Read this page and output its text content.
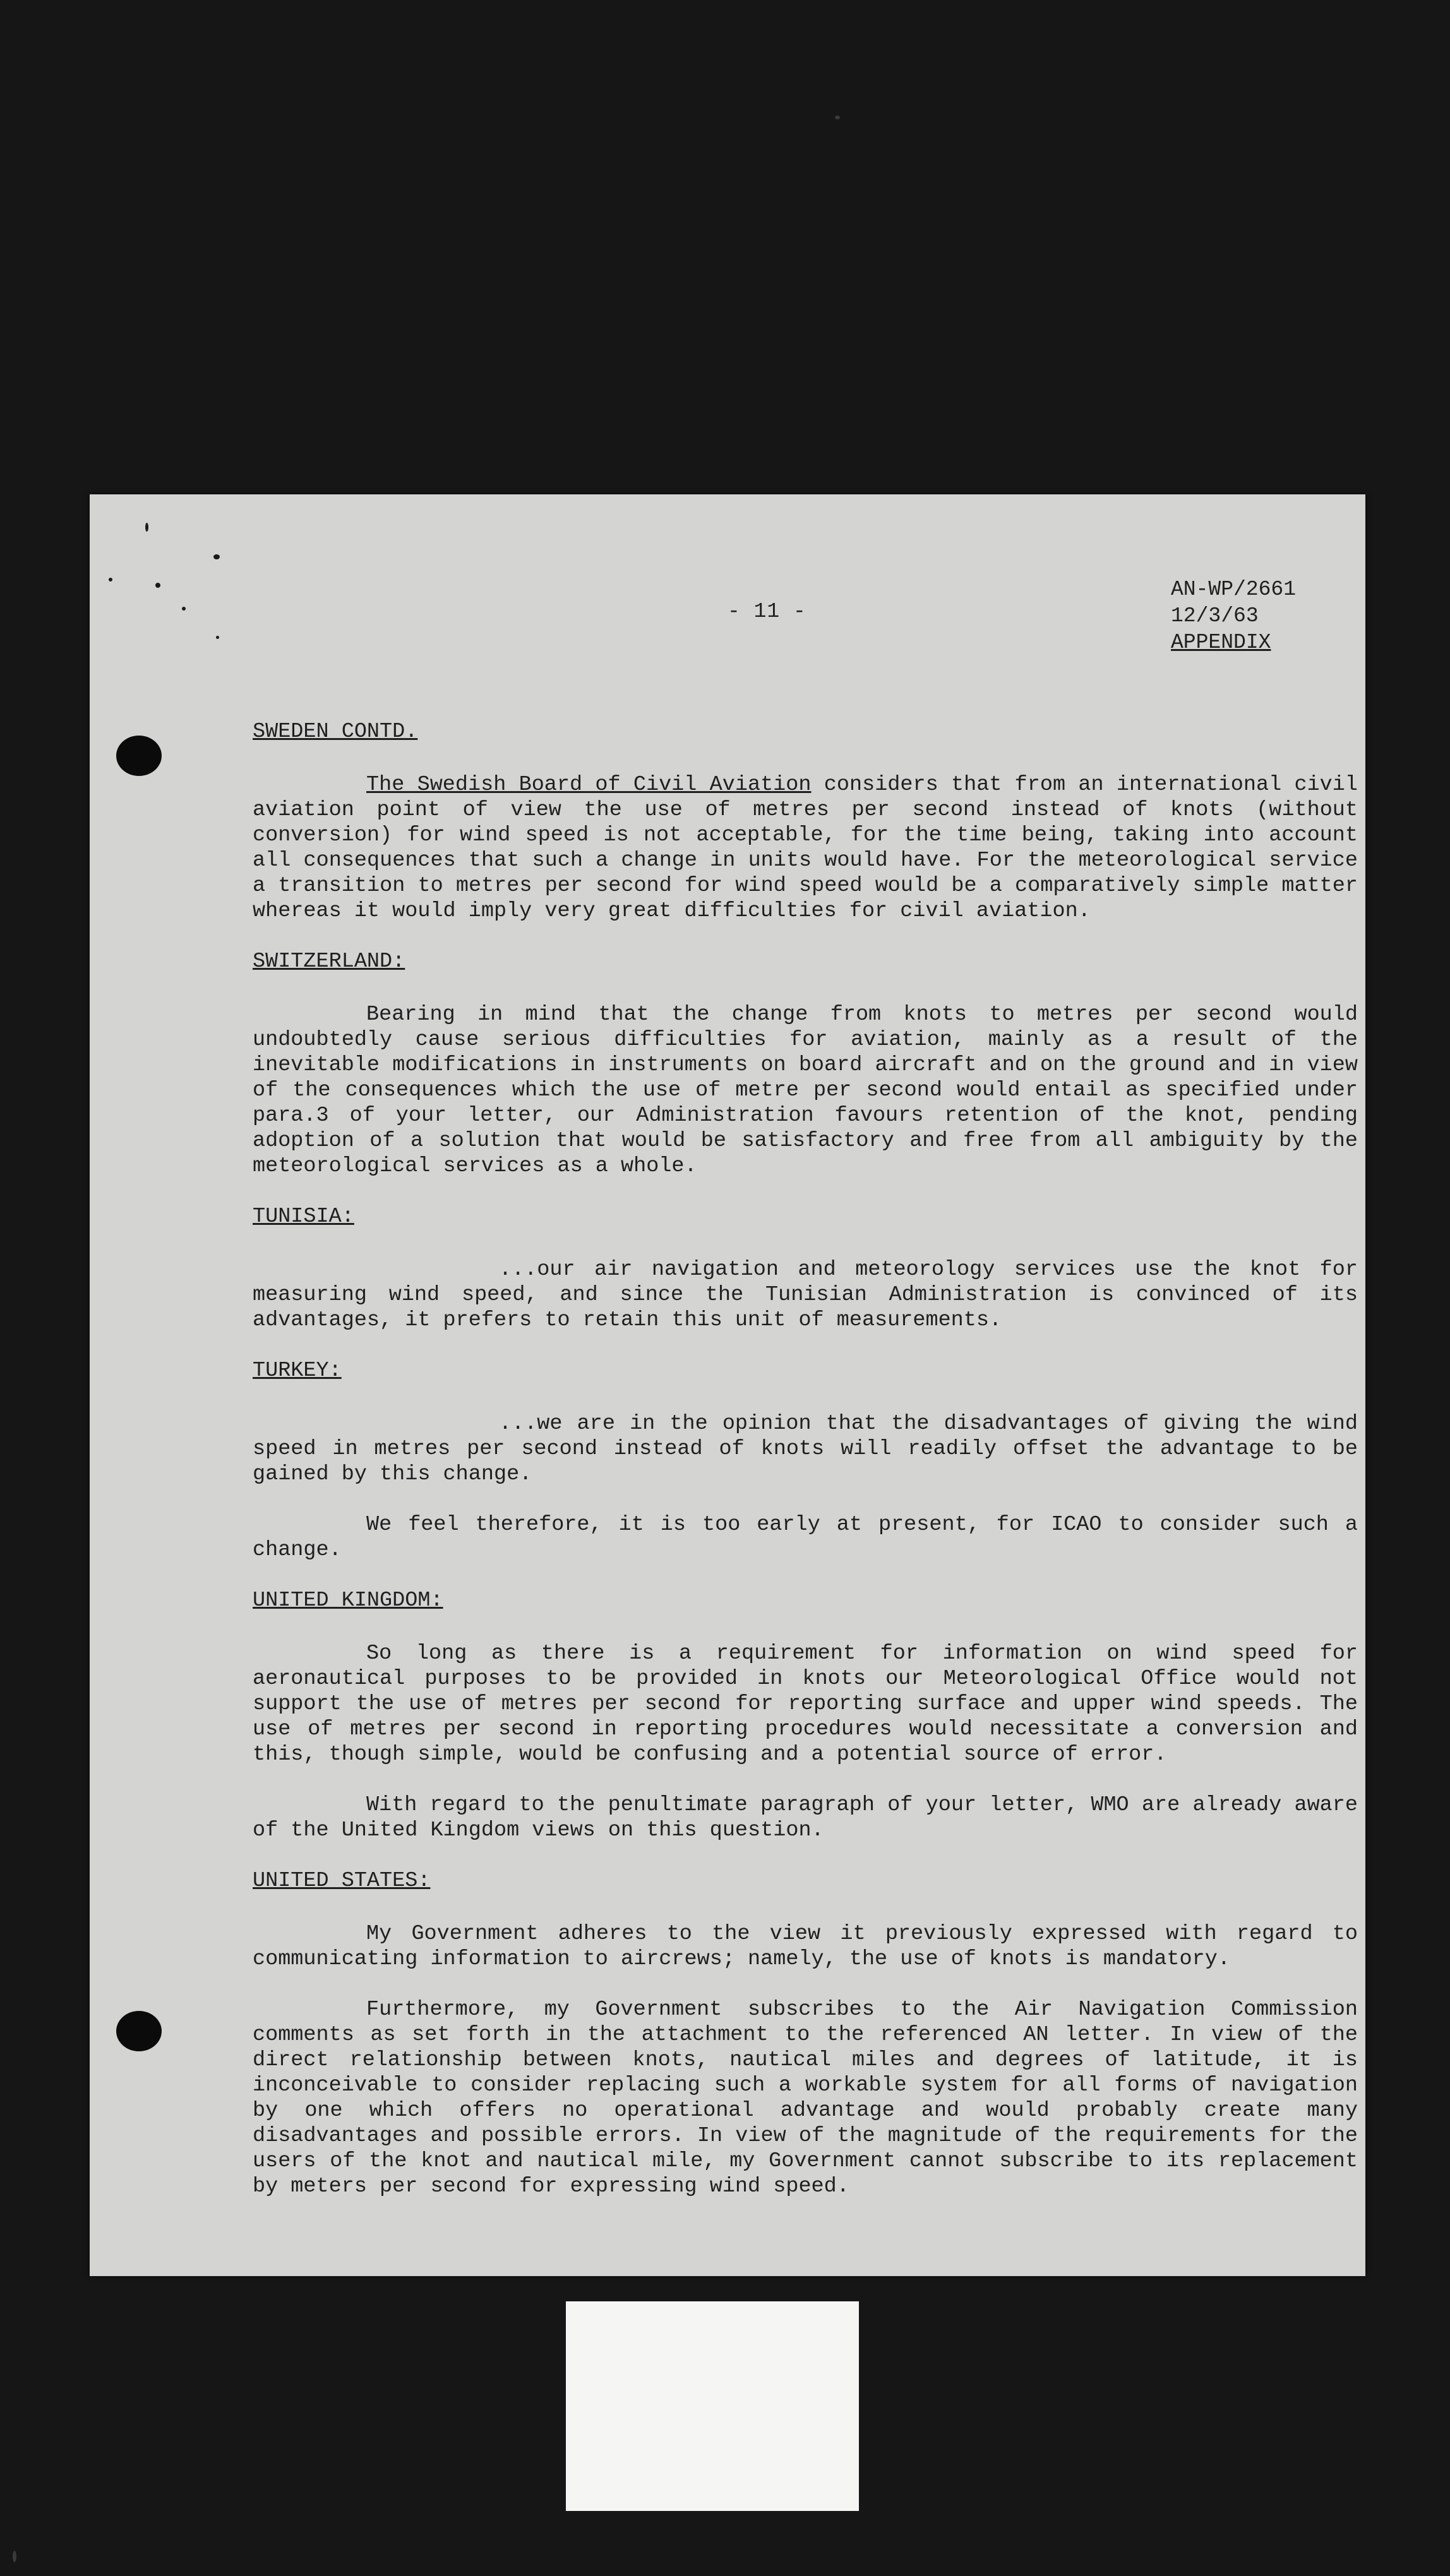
- 11 -
AN-WP/2661
12/3/63
APPENDIX
SWEDEN CONTD.

The Swedish Board of Civil Aviation considers that from an international civil aviation point of view the use of metres per second instead of knots (without conversion) for wind speed is not acceptable, for the time being, taking into account all consequences that such a change in units would have. For the meteorological service a transition to metres per second for wind speed would be a comparatively simple matter whereas it would imply very great difficulties for civil aviation.

SWITZERLAND:

Bearing in mind that the change from knots to metres per second would undoubtedly cause serious difficulties for aviation, mainly as a result of the inevitable modifications in instruments on board aircraft and on the ground and in view of the consequences which the use of metre per second would entail as specified under para.3 of your letter, our Administration favours retention of the knot, pending adoption of a solution that would be satisfactory and free from all ambiguity by the meteorological services as a whole.

TUNISIA:

...our air navigation and meteorology services use the knot for measuring wind speed, and since the Tunisian Administration is convinced of its advantages, it prefers to retain this unit of measurements.

TURKEY:

...we are in the opinion that the disadvantages of giving the wind speed in metres per second instead of knots will readily offset the advantage to be gained by this change.

We feel therefore, it is too early at present, for ICAO to consider such a change.

UNITED KINGDOM:

So long as there is a requirement for information on wind speed for aeronautical purposes to be provided in knots our Meteorological Office would not support the use of metres per second for reporting surface and upper wind speeds. The use of metres per second in reporting procedures would necessitate a conversion and this, though simple, would be confusing and a potential source of error.

With regard to the penultimate paragraph of your letter, WMO are already aware of the United Kingdom views on this question.

UNITED STATES:

My Government adheres to the view it previously expressed with regard to communicating information to aircrews; namely, the use of knots is mandatory.

Furthermore, my Government subscribes to the Air Navigation Commission comments as set forth in the attachment to the referenced AN letter. In view of the direct relationship between knots, nautical miles and degrees of latitude, it is inconceivable to consider replacing such a workable system for all forms of navigation by one which offers no operational advantage and would probably create many disadvantages and possible errors. In view of the magnitude of the requirements for the users of the knot and nautical mile, my Government cannot subscribe to its replacement by meters per second for expressing wind speed.
